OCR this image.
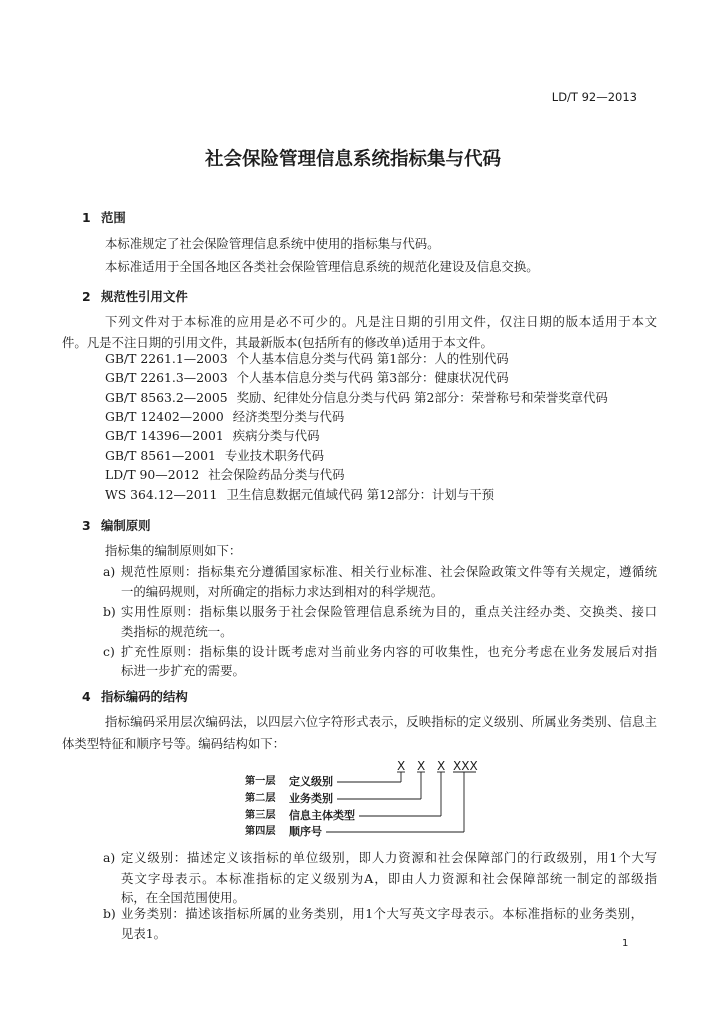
LD/T 92—2013
社会保险管理信息系统指标集与代码
1 范围
本标准规定了社会保险管理信息系统中使用的指标集与代码。
本标准适用于全国各地区各类社会保险管理信息系统的规范化建设及信息交换。
2 规范性引用文件
下列文件对于本标准的应用是必不可少的。凡是注日期的引用文件，仅注日期的版本适用于本文
件。凡是不注日期的引用文件，其最新版本(包括所有的修改单)适用于本文件。
GB/T 2261.1—2003 个人基本信息分类与代码 第1部分：人的性别代码
GB/T 2261.3—2003 个人基本信息分类与代码 第3部分：健康状况代码
GB/T 8563.2—2005 奖励、纪律处分信息分类与代码 第2部分：荣誉称号和荣誉奖章代码
GB/T 12402—2000 经济类型分类与代码
GB/T 14396—2001 疾病分类与代码
GB/T 8561—2001 专业技术职务代码
LD/T 90—2012 社会保险药品分类与代码
WS 364.12—2011 卫生信息数据元值域代码 第12部分：计划与干预
3 编制原则
指标集的编制原则如下：
a) 规范性原则：指标集充分遵循国家标准、相关行业标准、社会保险政策文件等有关规定，遵循统
一的编码规则，对所确定的指标力求达到相对的科学规范。
b) 实用性原则：指标集以服务于社会保险管理信息系统为目的，重点关注经办类、交换类、接口
类指标的规范统一。
c) 扩充性原则：指标集的设计既考虑对当前业务内容的可收集性，也充分考虑在业务发展后对指
标进一步扩充的需要。
4 指标编码的结构
指标编码采用层次编码法，以四层六位字符形式表示，反映指标的定义级别、所属业务类别、信息主
体类型特征和顺序号等。编码结构如下：
X X X XXX
第一层 定义级别
第二层 业务类别
第三层 信息主体类型
第四层 顺序号
a) 定义级别：描述定义该指标的单位级别，即人力资源和社会保障部门的行政级别，用1个大写
英文字母表示。本标准指标的定义级别为A，即由人力资源和社会保障部统一制定的部级指
标，在全国范围使用。
b) 业务类别：描述该指标所属的业务类别，用1个大写英文字母表示。本标准指标的业务类别，
见表1。
1
